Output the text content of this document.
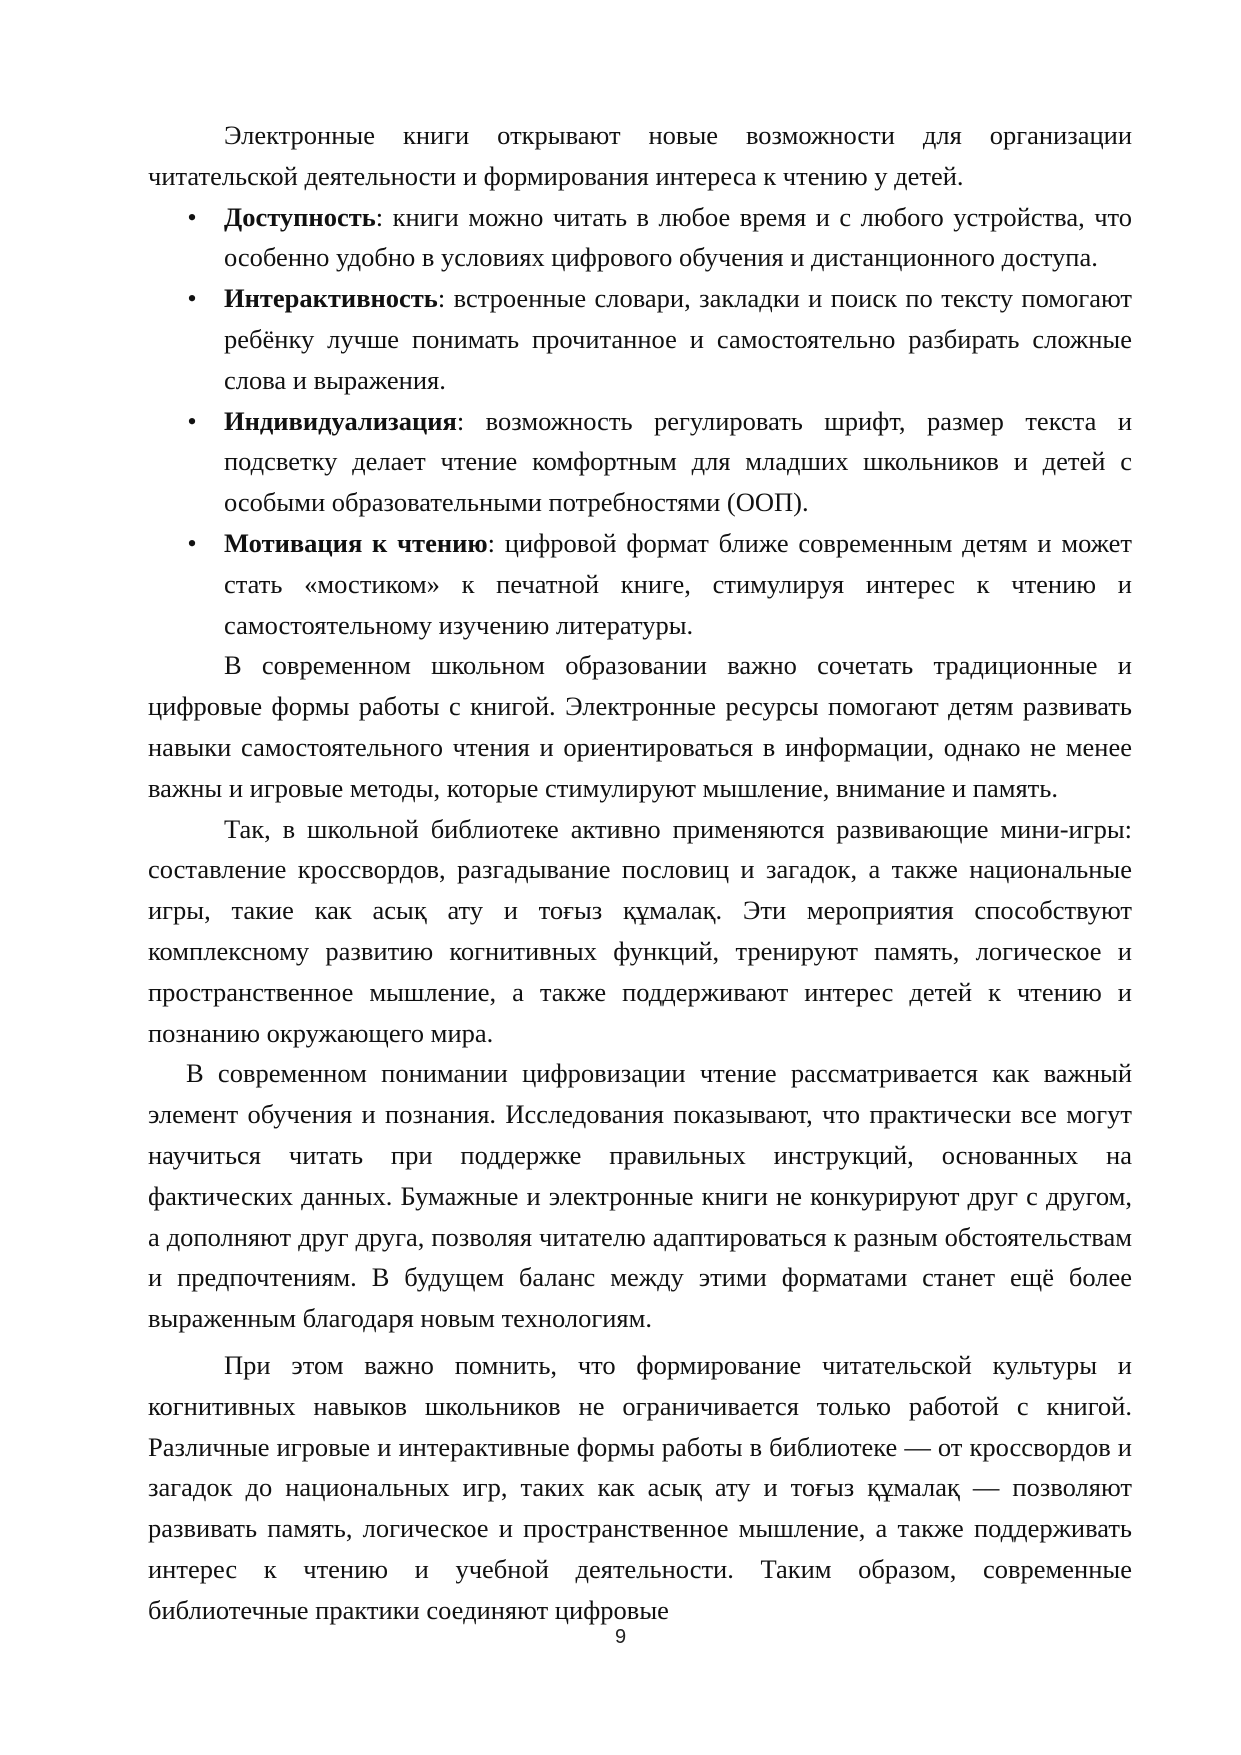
Электронные книги открывают новые возможности для организации читательской деятельности и формирования интереса к чтению у детей.

• Доступность: книги можно читать в любое время и с любого устройства, что особенно удобно в условиях цифрового обучения и дистанционного доступа.
• Интерактивность: встроенные словари, закладки и поиск по тексту помогают ребёнку лучше понимать прочитанное и самостоятельно разбирать сложные слова и выражения.
• Индивидуализация: возможность регулировать шрифт, размер текста и подсветку делает чтение комфортным для младших школьников и детей с особыми образовательными потребностями (ООП).
• Мотивация к чтению: цифровой формат ближе современным детям и может стать «мостиком» к печатной книге, стимулируя интерес к чтению и самостоятельному изучению литературы.

В современном школьном образовании важно сочетать традиционные и цифровые формы работы с книгой. Электронные ресурсы помогают детям развивать навыки самостоятельного чтения и ориентироваться в информации, однако не менее важны и игровые методы, которые стимулируют мышление, внимание и память.

Так, в школьной библиотеке активно применяются развивающие мини-игры: составление кроссвордов, разгадывание пословиц и загадок, а также национальные игры, такие как асық ату и тоғыз құмалақ. Эти мероприятия способствуют комплексному развитию когнитивных функций, тренируют память, логическое и пространственное мышление, а также поддерживают интерес детей к чтению и познанию окружающего мира.

В современном понимании цифровизации чтение рассматривается как важный элемент обучения и познания. Исследования показывают, что практически все могут научиться читать при поддержке правильных инструкций, основанных на фактических данных. Бумажные и электронные книги не конкурируют друг с другом, а дополняют друг друга, позволяя читателю адаптироваться к разным обстоятельствам и предпочтениям. В будущем баланс между этими форматами станет ещё более выраженным благодаря новым технологиям.

При этом важно помнить, что формирование читательской культуры и когнитивных навыков школьников не ограничивается только работой с книгой. Различные игровые и интерактивные формы работы в библиотеке — от кроссвордов и загадок до национальных игр, таких как асық ату и тоғыз құмалақ — позволяют развивать память, логическое и пространственное мышление, а также поддерживать интерес к чтению и учебной деятельности. Таким образом, современные библиотечные практики соединяют цифровые

9
